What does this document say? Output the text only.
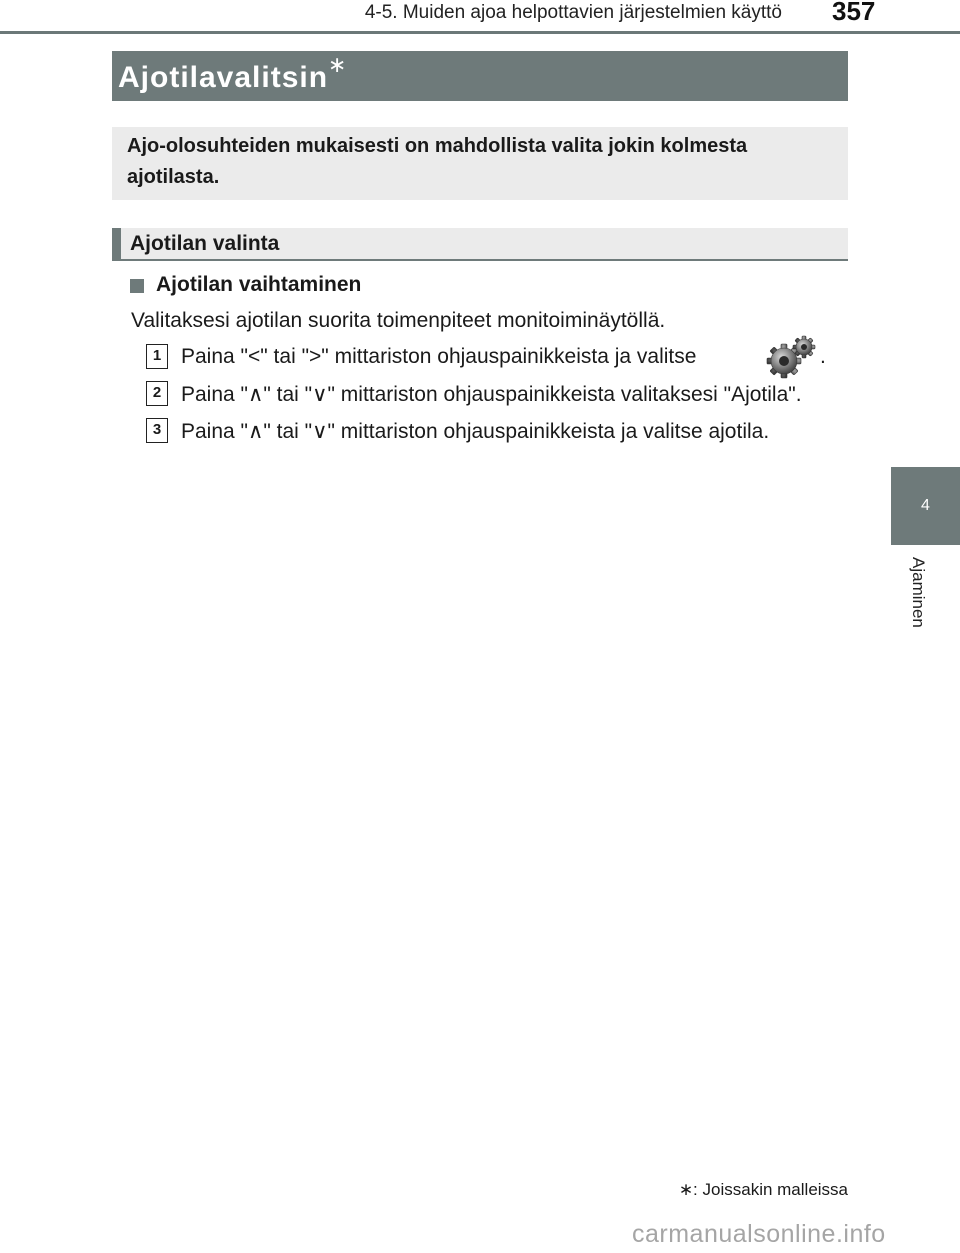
4-5. Muiden ajoa helpottavien järjestelmien käyttö 357
4
Ajaminen
Ajotilavalitsin∗
Ajo-olosuhteiden mukaisesti on mahdollista valita jokin kolmesta ajotilasta.
Ajotilan valinta
Ajotilan vaihtaminen
Valitaksesi ajotilan suorita toimenpiteet monitoiminäytöllä.
1 Paina "<" tai ">" mittariston ohjauspainikkeista ja valitse	.
2 Paina "∧" tai "∨" mittariston ohjauspainikkeista valitaksesi "Ajotila".
3 Paina "∧" tai "∨" mittariston ohjauspainikkeista ja valitse ajotila.
∗: Joissakin malleissa
carmanualsonline.info
